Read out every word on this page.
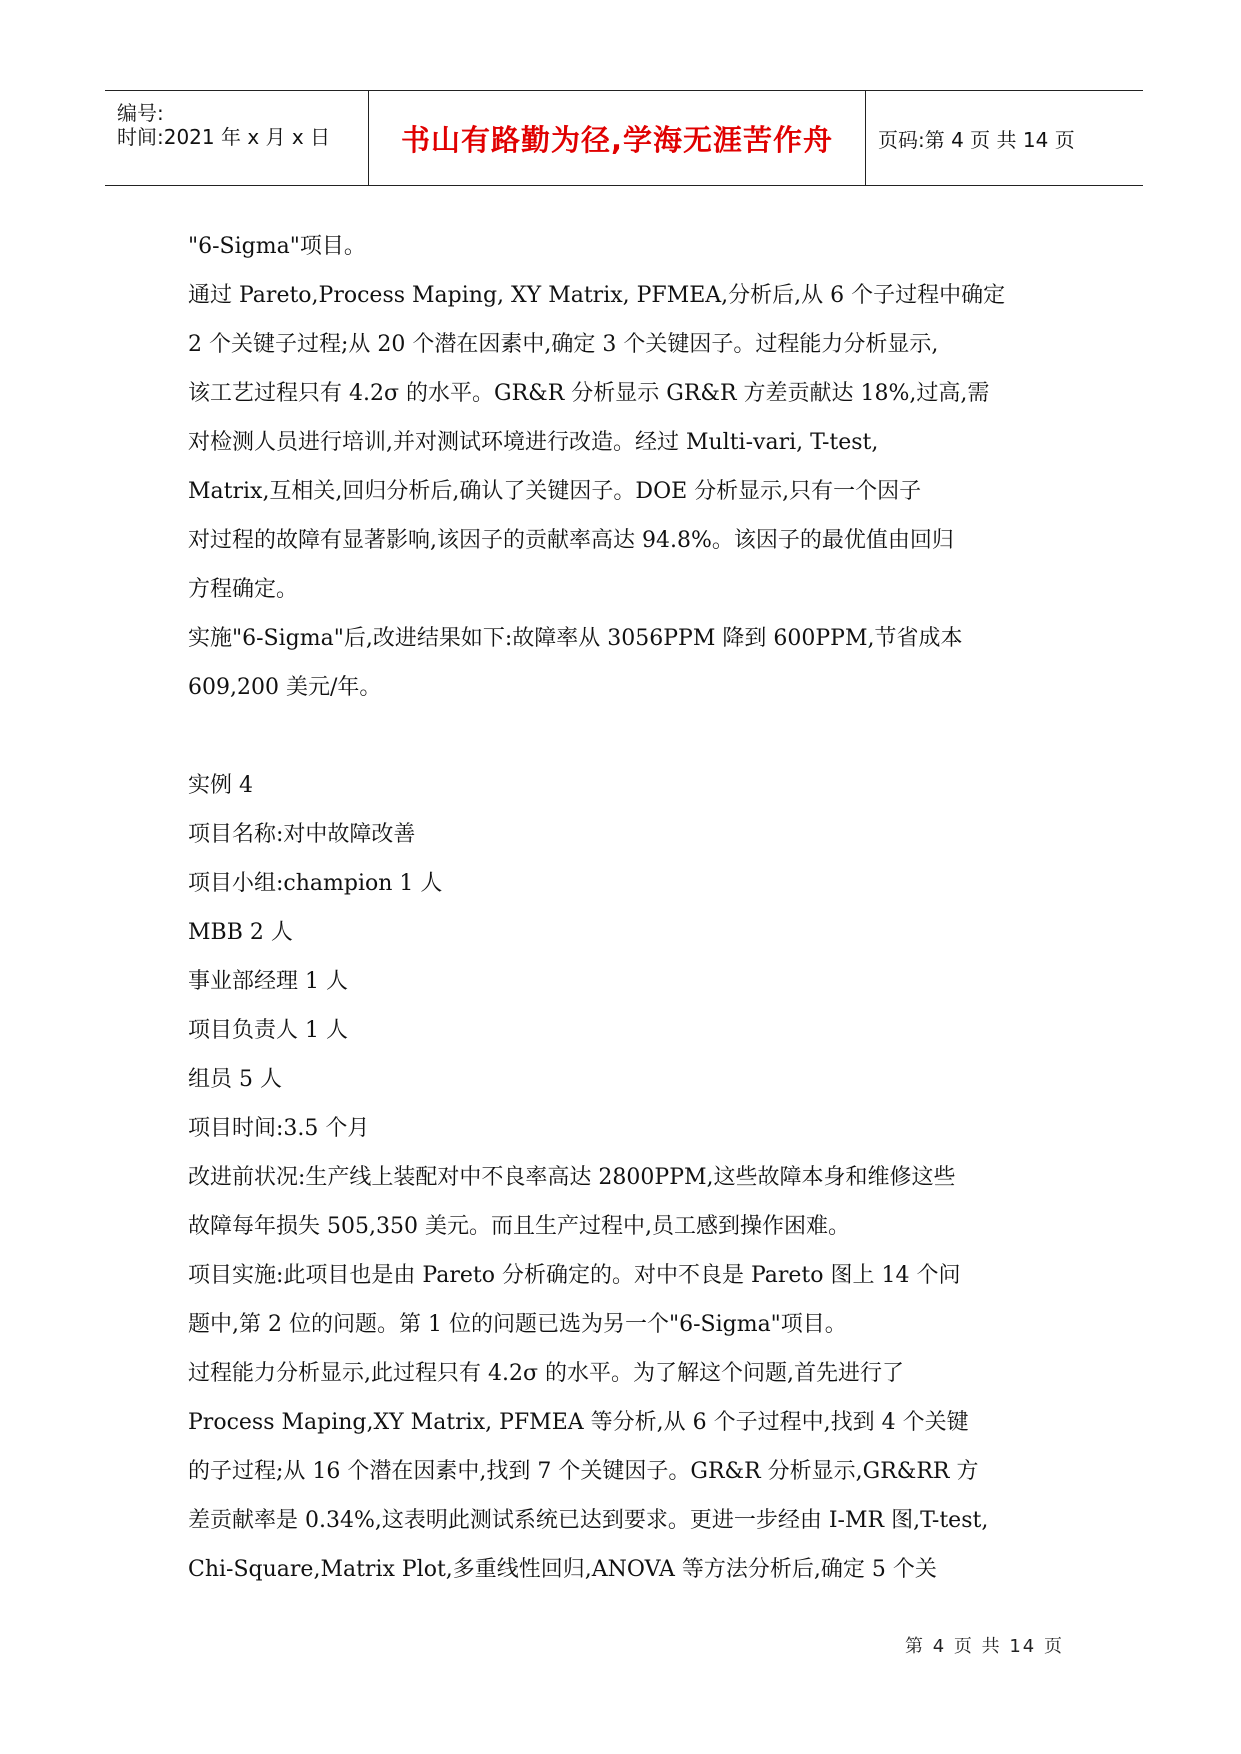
编号:
时间:2021 年 x 月 x 日 书山有路勤为径,学海无涯苦作舟	页码:第 4 页 共 14 页

"6-Sigma"项目。

通过 Pareto,Process Maping, XY Matrix, PFMEA,分析后,从 6 个子过程中确定

2 个关键子过程;从 20 个潜在因素中,确定 3 个关键因子。过程能力分析显示,

该工艺过程只有 4.2σ 的水平。GR&R 分析显示 GR&R 方差贡献达 18%,过高,需

对检测人员进行培训,并对测试环境进行改造。经过 Multi-vari, T-test,

Matrix,互相关,回归分析后,确认了关键因子。DOE 分析显示,只有一个因子

对过程的故障有显著影响,该因子的贡献率高达 94.8%。该因子的最优值由回归

方程确定。

实施"6-Sigma"后,改进结果如下:故障率从 3056PPM 降到 600PPM,节省成本

609,200 美元/年。

实例 4

项目名称:对中故障改善

项目小组:champion 1 人

MBB 2 人

事业部经理 1 人

项目负责人 1 人

组员 5 人

项目时间:3.5 个月

改进前状况:生产线上装配对中不良率高达 2800PPM,这些故障本身和维修这些

故障每年损失 505,350 美元。而且生产过程中,员工感到操作困难。

项目实施:此项目也是由 Pareto 分析确定的。对中不良是 Pareto 图上 14 个问

题中,第 2 位的问题。第 1 位的问题已选为另一个"6-Sigma"项目。

过程能力分析显示,此过程只有 4.2σ 的水平。为了解这个问题,首先进行了

Process Maping,XY Matrix, PFMEA 等分析,从 6 个子过程中,找到 4 个关键

的子过程;从 16 个潜在因素中,找到 7 个关键因子。GR&R 分析显示,GR&RR 方

差贡献率是 0.34%,这表明此测试系统已达到要求。更进一步经由 I-MR 图,T-test,

Chi-Square,Matrix Plot,多重线性回归,ANOVA 等方法分析后,确定 5 个关

第 4 页 共 14 页
